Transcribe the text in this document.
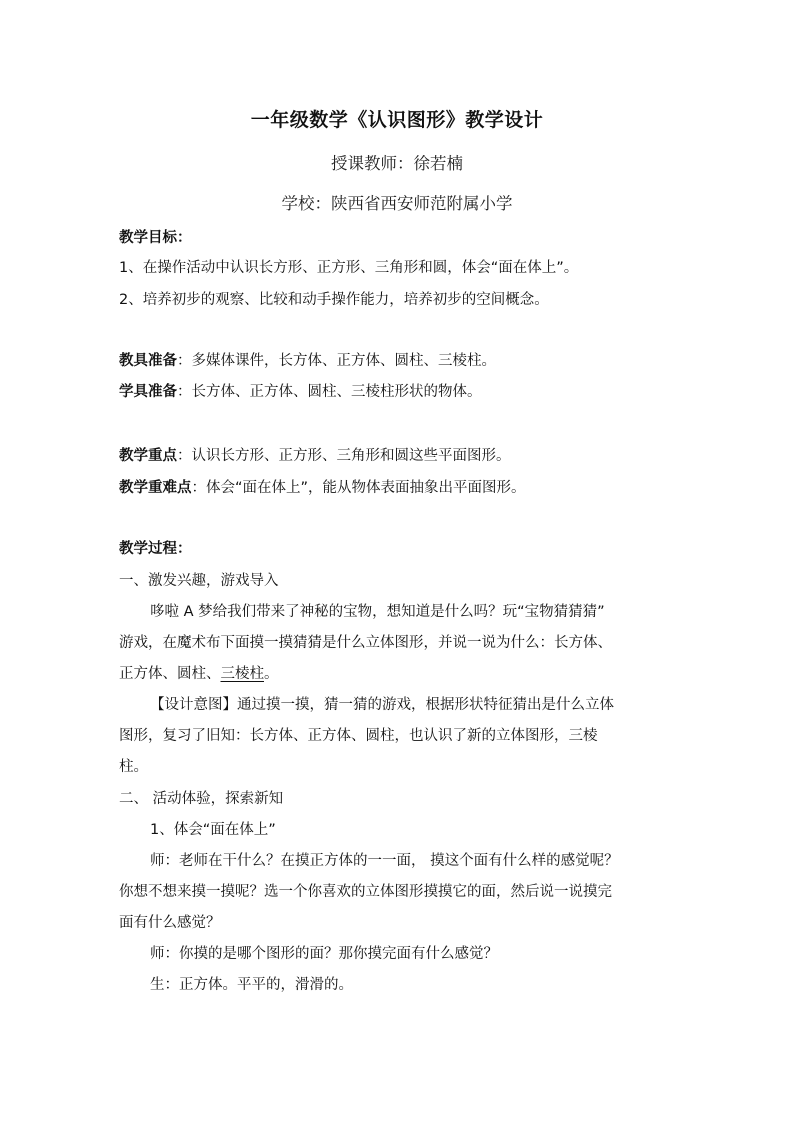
一年级数学《认识图形》教学设计
授课教师：徐若楠
学校：陕西省西安师范附属小学
教学目标：
1、在操作活动中认识长方形、正方形、三角形和圆，体会“面在体上”。
2、培养初步的观察、比较和动手操作能力，培养初步的空间概念。
教具准备：多媒体课件，长方体、正方体、圆柱、三棱柱。
学具准备：长方体、正方体、圆柱、三棱柱形状的物体。
教学重点：认识长方形、正方形、三角形和圆这些平面图形。
教学重难点：体会“面在体上”，能从物体表面抽象出平面图形。
教学过程：
一、激发兴趣，游戏导入
哆啦 A 梦给我们带来了神秘的宝物，想知道是什么吗？玩“宝物猜猜猜”
游戏，在魔术布下面摸一摸猜猜是什么立体图形，并说一说为什么：长方体、
正方体、圆柱、三棱柱。
【设计意图】通过摸一摸，猜一猜的游戏，根据形状特征猜出是什么立体
图形，复习了旧知：长方体、正方体、圆柱，也认识了新的立体图形，三棱
柱。
二、 活动体验，探索新知
1、体会“面在体上”
师：老师在干什么？在摸正方体的一一面， 摸这个面有什么样的感觉呢？
你想不想来摸一摸呢？选一个你喜欢的立体图形摸摸它的面，然后说一说摸完
面有什么感觉？
师：你摸的是哪个图形的面？那你摸完面有什么感觉？
生：正方体。平平的，滑滑的。
